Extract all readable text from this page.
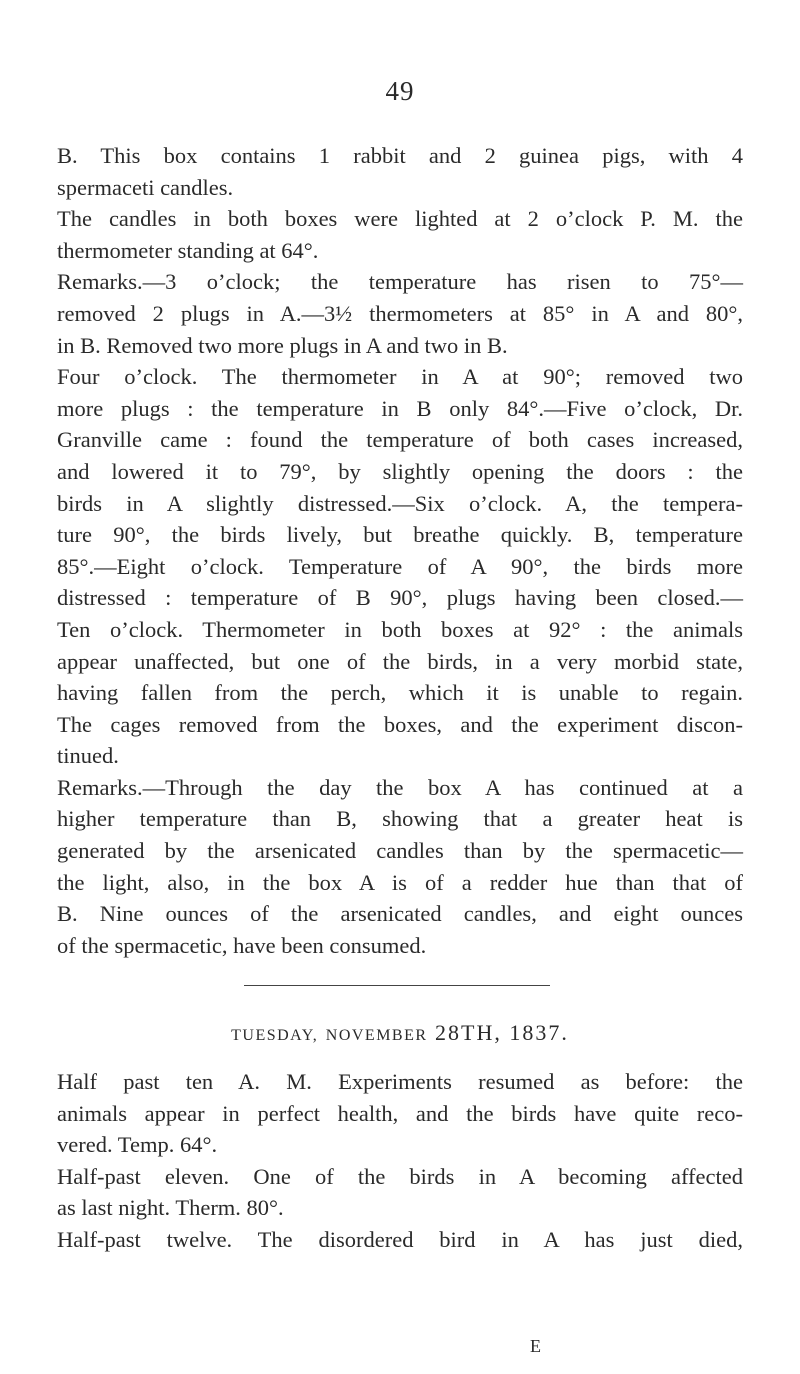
49
B. This box contains 1 rabbit and 2 guinea pigs, with 4
spermaceti candles.
The candles in both boxes were lighted at 2 o’clock P. M. the
thermometer standing at 64°.
Remarks.—3 o’clock; the temperature has risen to 75°—
removed 2 plugs in A.—3½ thermometers at 85° in A and 80°,
in B. Removed two more plugs in A and two in B.
Four o’clock. The thermometer in A at 90°; removed two
more plugs : the temperature in B only 84°.—Five o’clock, Dr.
Granville came : found the temperature of both cases increased,
and lowered it to 79°, by slightly opening the doors : the
birds in A slightly distressed.—Six o’clock. A, the tempera-
ture 90°, the birds lively, but breathe quickly. B, temperature
85°.—Eight o’clock. Temperature of A 90°, the birds more
distressed : temperature of B 90°, plugs having been closed.—
Ten o’clock. Thermometer in both boxes at 92° : the animals
appear unaffected, but one of the birds, in a very morbid state,
having fallen from the perch, which it is unable to regain.
The cages removed from the boxes, and the experiment discon-
tinued.
Remarks.—Through the day the box A has continued at a
higher temperature than B, showing that a greater heat is
generated by the arsenicated candles than by the spermacetic—
the light, also, in the box A is of a redder hue than that of
B. Nine ounces of the arsenicated candles, and eight ounces
of the spermacetic, have been consumed.
TUESDAY, NOVEMBER 28TH, 1837.
Half past ten A. M. Experiments resumed as before: the
animals appear in perfect health, and the birds have quite reco-
vered. Temp. 64°.
Half-past eleven. One of the birds in A becoming affected
as last night. Therm. 80°.
Half-past twelve. The disordered bird in A has just died,
E
